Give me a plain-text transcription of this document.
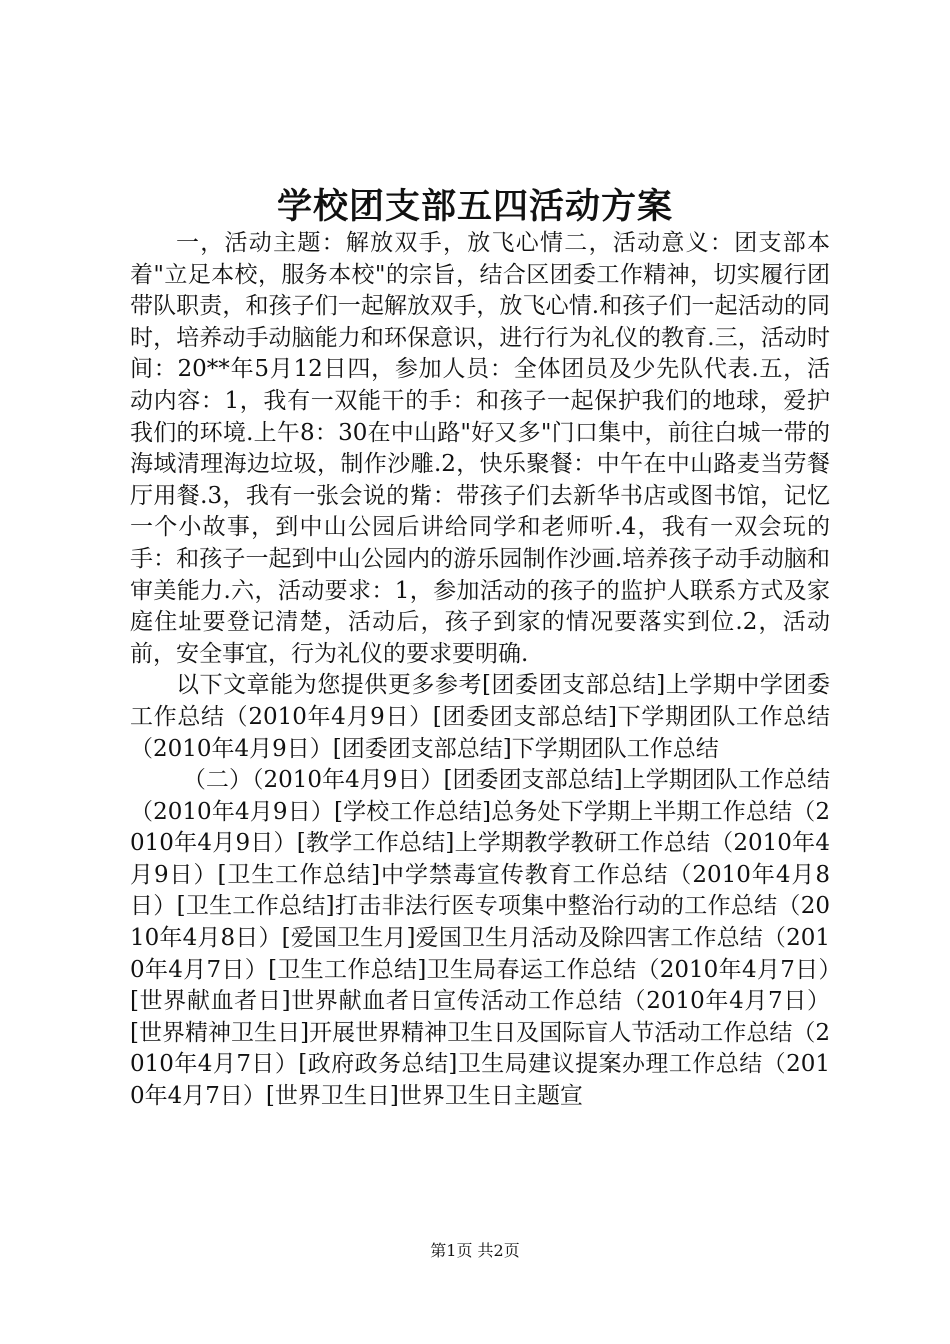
学校团支部五四活动方案

一，活动主题：解放双手，放飞心情二，活动意义：团支部本着"立足本校，服务本校"的宗旨，结合区团委工作精神，切实履行团带队职责，和孩子们一起解放双手，放飞心情.和孩子们一起活动的同时，培养动手动脑能力和环保意识，进行行为礼仪的教育.三，活动时间：20**年5月12日四，参加人员：全体团员及少先队代表.五，活动内容：1，我有一双能干的手：和孩子一起保护我们的地球，爱护我们的环境.上午8：30在中山路"好又多"门口集中，前往白城一带的海域清理海边垃圾，制作沙雕.2，快乐聚餐：中午在中山路麦当劳餐厅用餐.3，我有一张会说的觜：带孩子们去新华书店或图书馆，记忆一个小故事，到中山公园后讲给同学和老师听.4，我有一双会玩的手：和孩子一起到中山公园内的游乐园制作沙画.培养孩子动手动脑和审美能力.六，活动要求：1，参加活动的孩子的监护人联系方式及家庭住址要登记清楚，活动后，孩子到家的情况要落实到位.2，活动前，安全事宜，行为礼仪的要求要明确.

以下文章能为您提供更多参考[团委团支部总结]上学期中学团委工作总结（2010年4月9日）[团委团支部总结]下学期团队工作总结（2010年4月9日）[团委团支部总结]下学期团队工作总结

（二）（2010年4月9日）[团委团支部总结]上学期团队工作总结（2010年4月9日）[学校工作总结]总务处下学期上半期工作总结（2010年4月9日）[教学工作总结]上学期教学教研工作总结（2010年4月9日）[卫生工作总结]中学禁毒宣传教育工作总结（2010年4月8日）[卫生工作总结]打击非法行医专项集中整治行动的工作总结（2010年4月8日）[爱国卫生月]爱国卫生月活动及除四害工作总结（2010年4月7日）[卫生工作总结]卫生局春运工作总结（2010年4月7日）[世界献血者日]世界献血者日宣传活动工作总结（2010年4月7日）[世界精神卫生日]开展世界精神卫生日及国际盲人节活动工作总结（2010年4月7日）[政府政务总结]卫生局建议提案办理工作总结（2010年4月7日）[世界卫生日]世界卫生日主题宣

第1页 共2页
